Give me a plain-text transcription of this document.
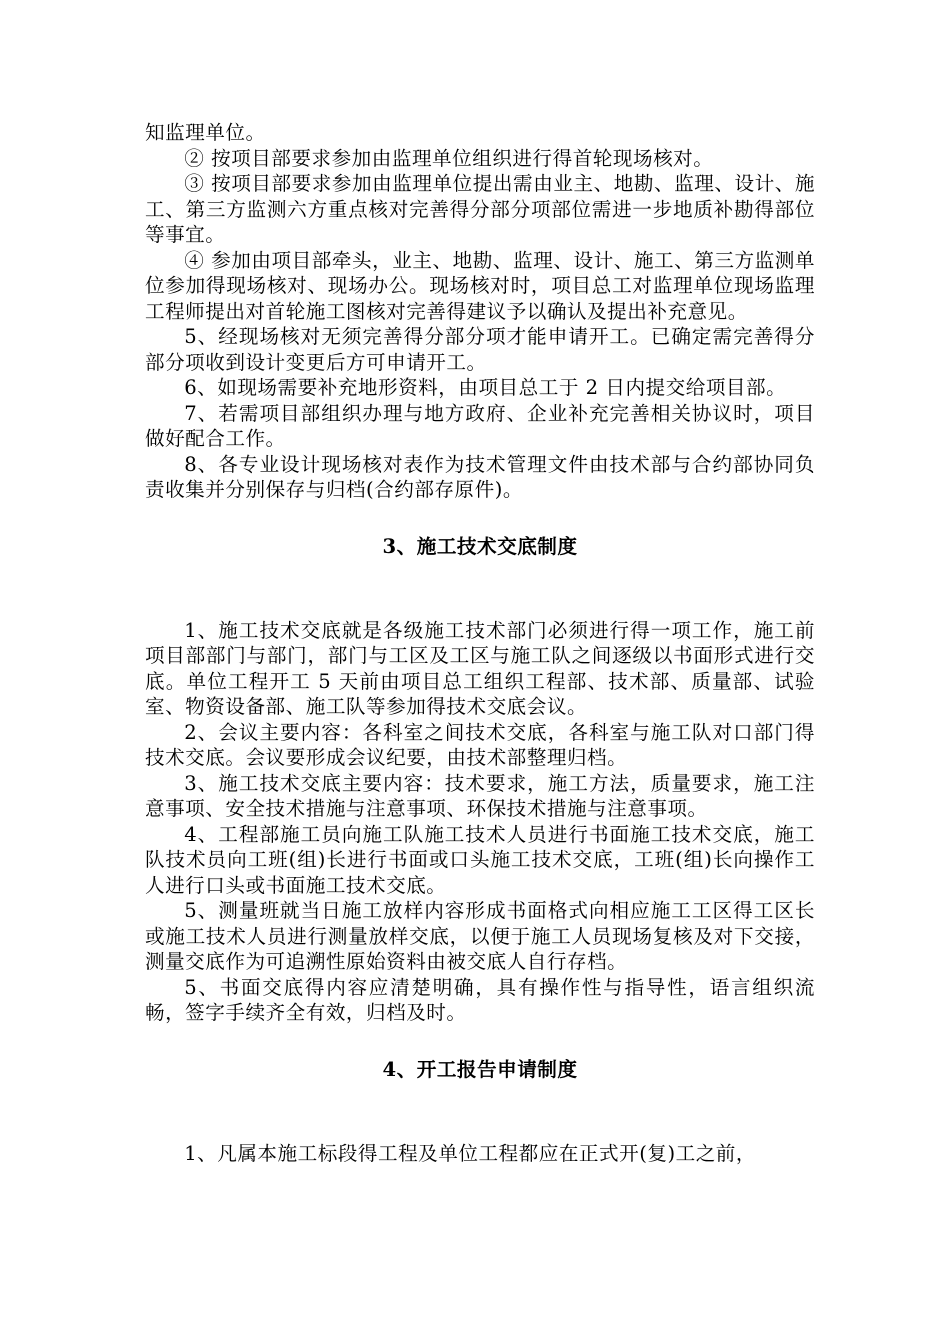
知监理单位。

② 按项目部要求参加由监理单位组织进行得首轮现场核对。

③ 按项目部要求参加由监理单位提出需由业主、地勘、监理、设计、施工、第三方监测六方重点核对完善得分部分项部位需进一步地质补勘得部位等事宜。

④ 参加由项目部牵头，业主、地勘、监理、设计、施工、第三方监测单位参加得现场核对、现场办公。现场核对时，项目总工对监理单位现场监理工程师提出对首轮施工图核对完善得建议予以确认及提出补充意见。

5、经现场核对无须完善得分部分项才能申请开工。已确定需完善得分部分项收到设计变更后方可申请开工。

6、如现场需要补充地形资料，由项目总工于 2 日内提交给项目部。

7、若需项目部组织办理与地方政府、企业补充完善相关协议时，项目做好配合工作。

8、各专业设计现场核对表作为技术管理文件由技术部与合约部协同负责收集并分别保存与归档(合约部存原件)。

3、施工技术交底制度

1、施工技术交底就是各级施工技术部门必须进行得一项工作，施工前项目部部门与部门，部门与工区及工区与施工队之间逐级以书面形式进行交底。单位工程开工 5 天前由项目总工组织工程部、技术部、质量部、试验室、物资设备部、施工队等参加得技术交底会议。

2、会议主要内容：各科室之间技术交底，各科室与施工队对口部门得技术交底。会议要形成会议纪要，由技术部整理归档。

3、施工技术交底主要内容：技术要求，施工方法，质量要求，施工注意事项、安全技术措施与注意事项、环保技术措施与注意事项。

4、工程部施工员向施工队施工技术人员进行书面施工技术交底，施工队技术员向工班(组)长进行书面或口头施工技术交底，工班(组)长向操作工人进行口头或书面施工技术交底。

5、测量班就当日施工放样内容形成书面格式向相应施工工区得工区长或施工技术人员进行测量放样交底，以便于施工人员现场复核及对下交接，测量交底作为可追溯性原始资料由被交底人自行存档。

5、书面交底得内容应清楚明确，具有操作性与指导性，语言组织流畅，签字手续齐全有效，归档及时。

4、开工报告申请制度

1、凡属本施工标段得工程及单位工程都应在正式开(复)工之前，
